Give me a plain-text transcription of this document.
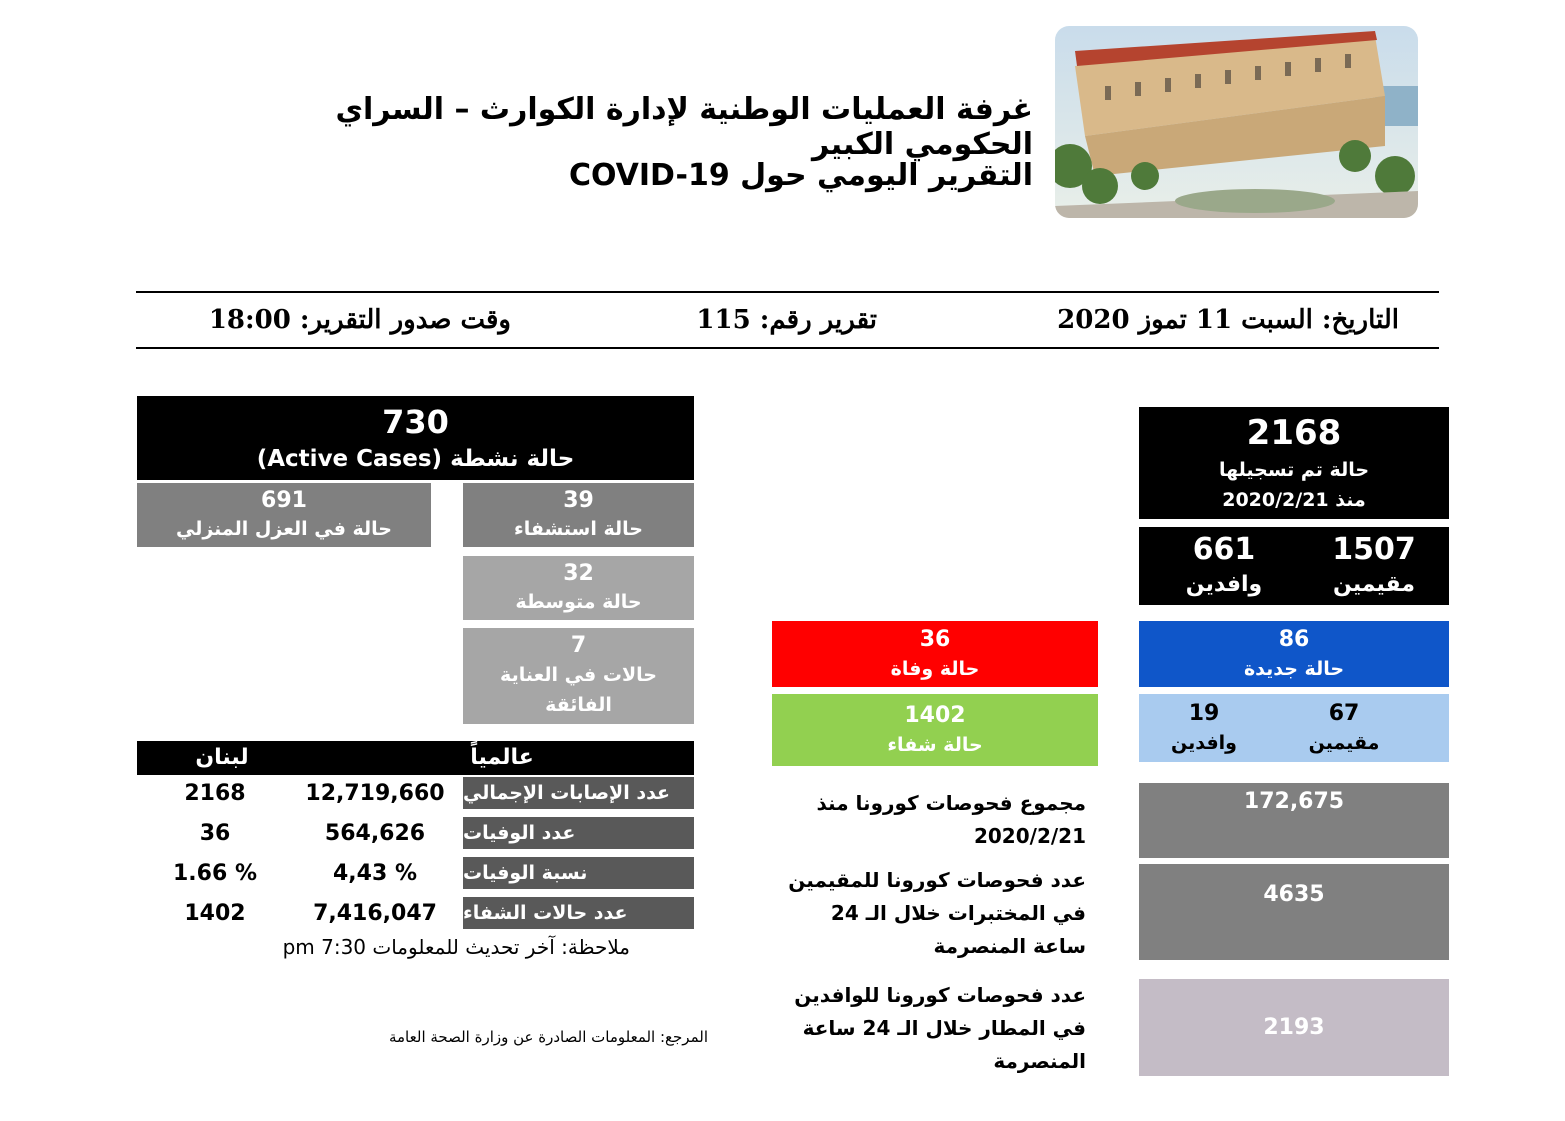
غرفة العمليات الوطنية لإدارة الكوارث – السراي الحكومي الكبير
التقرير اليومي حول COVID-19
التاريخ: السبت 11 تموز 2020
تقرير رقم: 115
وقت صدور التقرير: 18:00
2168
حالة تم تسجيلها
منذ 2020/2/21
1507
مقيمين
661
وافدين
86
حالة جديدة
67
مقيمين
19
وافدين
36
حالة وفاة
1402
حالة شفاء
730
حالة نشطة (Active Cases)
39
حالة استشفاء
691
حالة في العزل المنزلي
32
حالة متوسطة
7
حالات في العناية الفائقة
عالمياً
لبنان
عدد الإصابات الإجمالي
12,719,660
2168
عدد الوفيات
564,626
36
نسبة الوفيات
4,43 %
1.66 %
عدد حالات الشفاء
7,416,047
1402
ملاحظة: آخر تحديث للمعلومات 7:30 pm
المرجع: المعلومات الصادرة عن وزارة الصحة العامة
مجموع فحوصات كورونا منذ 2020/2/21
172,675
عدد فحوصات كورونا للمقيمين في المختبرات خلال الـ 24 ساعة المنصرمة
4635
عدد فحوصات كورونا للوافدين في المطار خلال الـ 24 ساعة المنصرمة
2193
